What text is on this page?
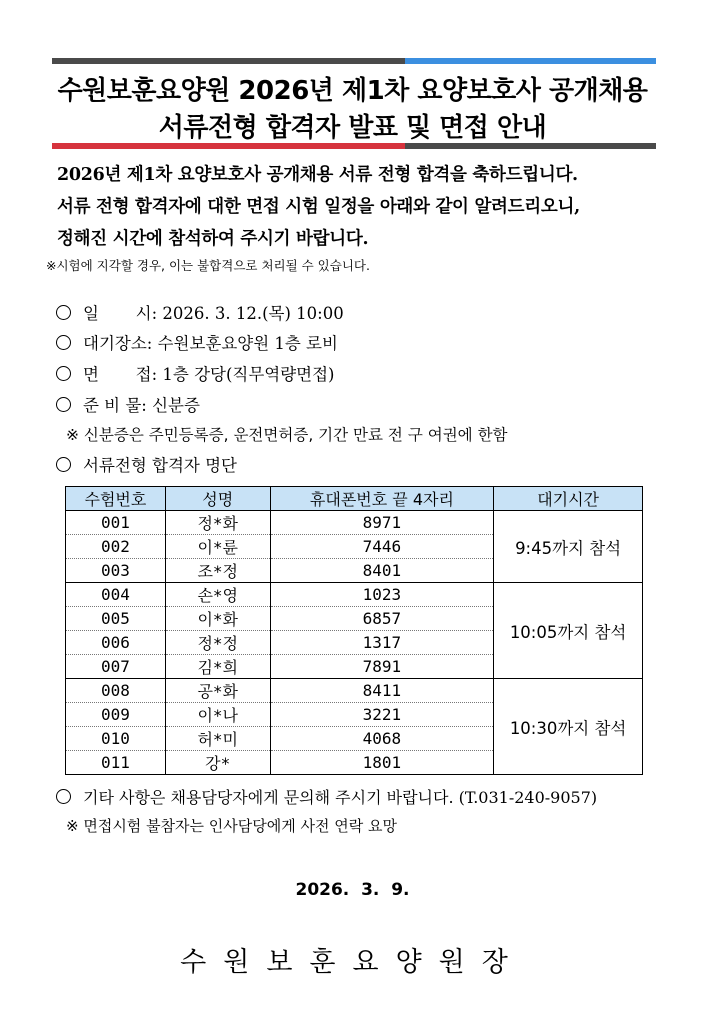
수원보훈요양원 2026년 제1차 요양보호사 공개채용
서류전형 합격자 발표 및 면접 안내
2026년 제1차 요양보호사 공개채용 서류 전형 합격을 축하드립니다.
서류 전형 합격자에 대한 면접 시험 일정을 아래와 같이 알려드리오니,
정해진 시간에 참석하여 주시기 바랍니다.
※시험에 지각할 경우, 이는 불합격으로 처리될 수 있습니다.
일       시: 2026. 3. 12.(목) 10:00
대기장소: 수원보훈요양원 1층 로비
면       접: 1층 강당(직무역량면접)
준 비 물: 신분증
※ 신분증은 주민등록증, 운전면허증, 기간 만료 전 구 여권에 한함
서류전형 합격자 명단
수험번호	성명	휴대폰번호 끝 4자리	대기시간
001	정*화	8971	9:45까지 참석
002	이*륜	7446	
003	조*정	8401	
004	손*영	1023	10:05까지 참석
005	이*화	6857	
006	정*정	1317	
007	김*희	7891	
008	공*화	8411	10:30까지 참석
009	이*나	3221	
010	허*미	4068	
011	강*	1801	
기타 사항은 채용담당자에게 문의해 주시기 바랍니다. (T.031-240-9057)
※ 면접시험 불참자는 인사담당에게 사전 연락 요망
2026.  3.  9.
수원보훈요양원장
